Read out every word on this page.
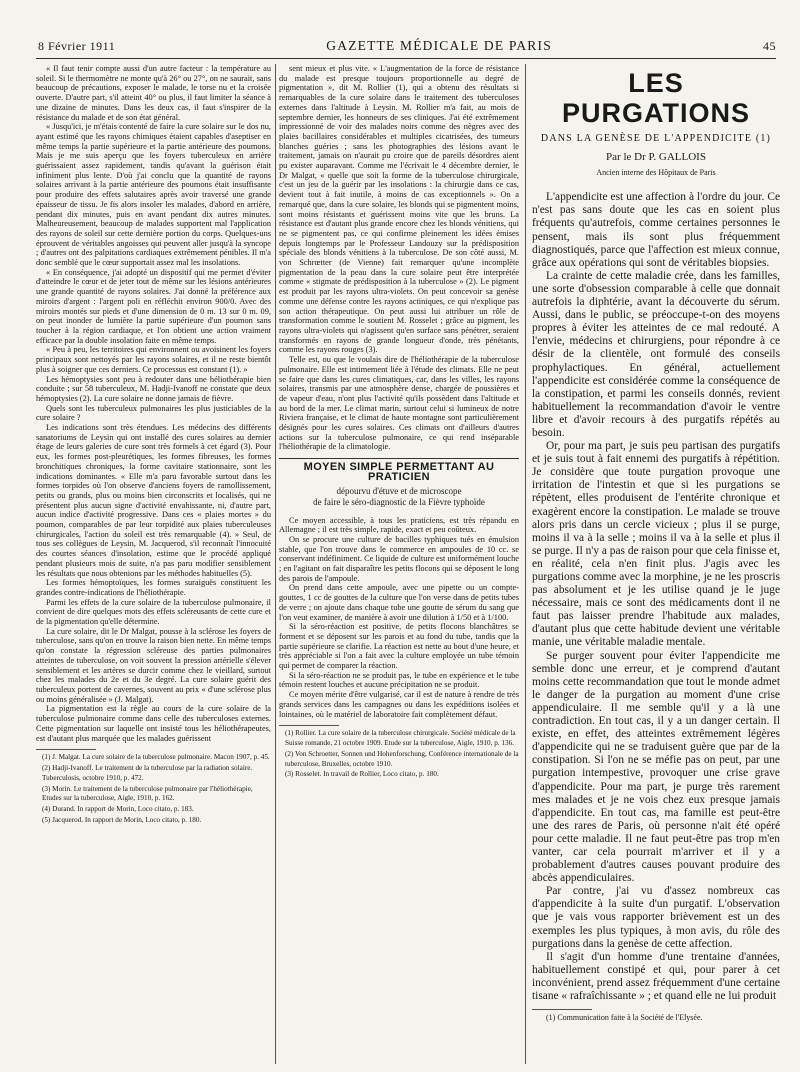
8 Février 1911	GAZETTE MÉDICALE DE PARIS	45

« Il faut tenir compte aussi d'un autre facteur : la température au soleil. Si le thermomètre ne monte qu'à 26° ou 27°, on ne saurait, sans beaucoup de précautions, exposer le malade, le torse nu et la croisée ouverte. D'autre part, s'il atteint 40° ou plus, il faut limiter la séance à une dizaine de minutes. Dans les deux cas, il faut s'inspirer de la résistance du malade et de son état général.

« Jusqu'ici, je m'étais contenté de faire la cure solaire sur le dos nu, ayant estimé que les rayons chimiques étaient capables d'aseptiser en même temps la partie supérieure et la partie antérieure des poumons. Mais je me suis aperçu que les foyers tuberculeux en arrière guérissaient assez rapidement, tandis qu'avant la guérison était infiniment plus lente. D'où j'ai conclu que la quantité de rayons solaires arrivant à la partie antérieure des poumons était insuffisante pour produire des effets salutaires après avoir traversé une grande épaisseur de tissu. Je fis alors insoler les malades, d'abord en arrière, pendant dix minutes, puis en avant pendant dix autres minutes. Malheureusement, beaucoup de malades supportent mal l'application des rayons de soleil sur cette dernière portion du corps. Quelques-uns éprouvent de véritables angoisses qui peuvent aller jusqu'à la syncope ; d'autres ont des palpitations cardiaques extrêmement pénibles. Il m'a donc semblé que le cœur supportait assez mal les insolations.

« En conséquence, j'ai adopté un dispositif qui me permet d'éviter d'atteindre le cœur et de jeter tout de même sur les lésions antérieures une grande quantité de rayons solaires. J'ai donné la préférence aux miroirs d'argent : l'argent poli en réfléchit environ 900/0. Avec des miroirs montés sur pieds et d'une dimension de 0 m. 13 sur 0 m. 09, on peut inonder de lumière la partie supérieure d'un poumon sans toucher à la région cardiaque, et l'on obtient une action vraiment efficace par la double insolation faite en même temps.

« Peu à peu, les territoires qui environnent ou avoisinent les foyers principaux sont nettoyés par les rayons solaires, et il ne reste bientôt plus à soigner que ces derniers. Ce processus est constant (1). »

Les hémoptysies sont peu à redouter dans une héliothérapie bien conduite ; sur 58 tuberculeux, M. Hadji-Ivanoff ne constate que deux hémoptysies (2). La cure solaire ne donne jamais de fièvre.

Quels sont les tuberculeux pulmonaires les plus justiciables de la cure solaire ?

Les indications sont très étendues. Les médecins des différents sanatoriums de Leysin qui ont installé des cures solaires au dernier étage de leurs galeries de cure sont très formels à cet égard (3). Pour eux, les formes post-pleurétiques, les formes fibreuses, les formes bronchitiques chroniques, la forme cavitaire stationnaire, sont les indications dominantes. « Elle m'a paru favorable surtout dans les formes torpides où l'on observe d'anciens foyers de ramollissement, petits ou grands, plus ou moins bien circonscrits et localisés, qui ne présentent plus aucun signe d'activité envahissante, ni, d'autre part, aucun indice d'activité progressive. Dans ces « plaies mortes » du poumon, comparables de par leur torpidité aux plaies tuberculeuses chirurgicales, l'action du soleil est très remarquable (4). » Seul, de tous ses collègues de Leysin, M. Jacquerod, s'il reconnaît l'innocuité des courtes séances d'insolation, estime que le procédé appliqué pendant plusieurs mois de suite, n'a pas paru modifier sensiblement les résultats que nous obtenions par les méthodes habituelles (5).

Les formes hémoptoïques, les formes suraiguës constituent les grandes contre-indications de l'héliothérapie.

Parmi les effets de la cure solaire de la tuberculose pulmonaire, il convient de dire quelques mots des effets scléreusants de cette cure et de la pigmentation qu'elle détermine.

La cure solaire, dit le Dr Malgat, pousse à la sclérose les foyers de tuberculose, sans qu'on en trouve la raison bien nette. En même temps qu'on constate la régression scléreuse des parties pulmonaires atteintes de tuberculose, on voit souvent la pression artérielle s'élever sensiblement et les artères se durcir comme chez le vieillard, surtout chez les malades du 2e et du 3e degré. La cure solaire guérit des tuberculeux portent de cavernes, souvent au prix « d'une sclérose plus ou moins généralisée » (J. Malgat).

La pigmentation est la règle au cours de la cure solaire de la tuberculose pulmonaire comme dans celle des tuberculoses externes. Cette pigmentation sur laquelle ont insisté tous les héliothérapeutes, est d'autant plus marquée que les malades guérissent

(1) J. Malgat. La cure solaire de la tuberculose pulmonaire. Macon 1907, p. 45.

(2) Hadji-Ivanoff. Le traitement de la tuberculose par la radiation solaire. Tuberculosis, octobre 1910, p. 472.

(3) Morin. Le traitement de la tuberculose pulmonaire par l'héliothérapie, Etudes sur la tuberculose, Aigle, 1910, p. 162.

(4) Durand. In rapport de Morin, Loco citato, p. 183.

(5) Jacquerod. In rapport de Morin, Loco citato, p. 180.

sent mieux et plus vite. « L'augmentation de la force de résistance du malade est presque toujours proportionnelle au degré de pigmentation », dit M. Rollier (1), qui a obtenu des résultats si remarquables de la cure solaire dans le traitement des tuberculoses externes dans l'altitude à Leysin. M. Rollier m'a fait, au mois de septembre dernier, les honneurs de ses cliniques. J'ai été extrêmement impressionné de voir des malades noirs comme des nègres avec des plaies bacillaires considérables et multiples cicatrisées, des tumeurs blanches guéries ; sans les photographies des lésions avant le traitement, jamais on n'aurait pu croire que de pareils désordres aient pu exister auparavant. Comme me l'écrivait le 4 décembre dernier, le Dr Malgat, « quelle que soit la forme de la tuberculose chirurgicale, c'est un jeu de la guérir par les insolations : la chirurgie dans ce cas, devient tout à fait inutile, à moins de cas exceptionnels ». On a remarqué que, dans la cure solaire, les blonds qui se pigmentent moins, sont moins résistants et guérissent moins vite que les bruns. La résistance est d'autant plus grande encore chez les blonds vénitiens, qui ne se pigmentent pas, ce qui confirme pleinement les idées émises depuis longtemps par le Professeur Landouzy sur la prédisposition spéciale des blonds vénitiens à la tuberculose. De son côté aussi, M. von Schrœtter (de Vienne) fait remarquer qu'une incomplète pigmentation de la peau dans la cure solaire peut être interprétée comme « stigmate de prédisposition à la tuberculose » (2). Le pigment est produit par les rayons ultra-violets. On peut concevoir sa genèse comme une défense contre les rayons actiniques, ce qui n'explique pas son action thérapeutique. On peut aussi lui attribuer un rôle de transformation comme le soutient M. Rosselet ; grâce au pigment, les rayons ultra-violets qui n'agissent qu'en surface sans pénétrer, seraient transformés en rayons de grande longueur d'onde, très pénétants, comme les rayons rouges (3).

Telle est, ou que le voulais dire de l'héliothérapie de la tuberculose pulmonaire. Elle est intimement liée à l'étude des climats. Elle ne peut se faire que dans les cures climatiques, car, dans les villes, les rayons solaires, transmis par une atmosphère dense, chargée de poussières et de vapeur d'eau, n'ont plus l'activité qu'ils possèdent dans l'altitude et au bord de la mer. Le climat marin, surtout celui si lumineux de notre Riviera française, et le climat de haute montagne sont particulièrement désignés pour les cures solaires. Ces climats ont d'ailleurs d'autres actions sur la tuberculose pulmonaire, ce qui rend inséparable l'héliothérapie de la climatologie.

MOYEN SIMPLE PERMETTANT AU PRATICIEN
dépourvu d'étuve et de microscope
de faire le séro-diagnostic de la Fièvre typhoïde

Ce moyen accessible, à tous les praticiens, est très répandu en Allemagne ; il est très simple, rapide, exact et peu coûteux.

On se procure une culture de bacilles typhiques tués en émulsion stable, que l'on trouve dans le commerce en ampoules de 10 cc. se conservant indéfiniment. Ce liquide de culture est uniformément louche ; en l'agitant on fait disparaître les petits flocons qui se déposent le long des parois de l'ampoule.

On prend dans cette ampoule, avec une pipette ou un compte-gouttes, 1 cc de gouttes de la culture que l'on verse dans de petits tubes de verre ; on ajoute dans chaque tube une goutte de sérum du sang que l'on veut examiner, de manière à avoir une dilution à 1/50 et à 1/100.

Si la séro-réaction est positive, de petits flocons blanchâtres se forment et se déposent sur les parois et au fond du tube, tandis que la partie supérieure se clarifie. La réaction est nette au bout d'une heure, et très appréciable si l'on a fait avec la culture employée un tube témoin qui permet de comparer la réaction.

Si la séro-réaction ne se produit pas, le tube en expérience et le tube témoin restent louches et aucune précipitation ne se produit.

Ce moyen mérite d'être vulgarisé, car il est de nature à rendre de très grands services dans les campagnes ou dans les expéditions isolées et lointaines, où le matériel de laboratoire fait complètement défaut.

(1) Rollier. La cure solaire de la tuberculose chirurgicale. Société médicale de la Suisse romande, 21 octobre 1909. Etude sur la tuberculose, Aigle, 1910, p. 136.

(2) Von Schroetter, Sonnen und Hohenforschung, Conférence internationale de la tuberculose, Bruxelles, octobre 1910.

(3) Rosselet. In travail de Rollier, Loco citato, p. 180.

LES PURGATIONS
DANS LA GENÈSE DE L'APPENDICITE (1)
Par le Dr P. GALLOIS
Ancien interne des Hôpitaux de Paris

L'appendicite est une affection à l'ordre du jour. Ce n'est pas sans doute que les cas en soient plus fréquents qu'autrefois, comme certaines personnes le pensent, mais ils sont plus fréquemment diagnostiqués, parce que l'affection est mieux connue, grâce aux opérations qui sont de véritables biopsies.

La crainte de cette maladie crée, dans les familles, une sorte d'obsession comparable à celle que donnait autrefois la diphtérie, avant la découverte du sérum. Aussi, dans le public, se préoccupe-t-on des moyens propres à éviter les atteintes de ce mal redouté. A l'envie, médecins et chirurgiens, pour répondre à ce désir de la clientèle, ont formulé des conseils prophylactiques. En général, actuellement l'appendicite est considérée comme la conséquence de la constipation, et parmi les conseils donnés, revient habituellement la recommandation d'avoir le ventre libre et d'avoir recours à des purgatifs répétés au besoin.

Or, pour ma part, je suis peu partisan des purgatifs et je suis tout à fait ennemi des purgatifs à répétition. Je considère que toute purgation provoque une irritation de l'intestin et que si les purgations se répètent, elles produisent de l'entérite chronique et exagèrent encore la constipation. Le malade se trouve alors pris dans un cercle vicieux ; plus il se purge, moins il va à la selle ; moins il va à la selle et plus il se purge. Il n'y a pas de raison pour que cela finisse et, en réalité, cela n'en finit plus. J'agis avec les purgations comme avec la morphine, je ne les proscris pas absolument et je les utilise quand je le juge nécessaire, mais ce sont des médicaments dont il ne faut pas laisser prendre l'habitude aux malades, d'autant plus que cette habitude devient une véritable manie, une véritable maladie mentale.

Se purger souvent pour éviter l'appendicite me semble donc une erreur, et je comprend d'autant moins cette recommandation que tout le monde admet le danger de la purgation au moment d'une crise appendiculaire. Il me semble qu'il y a là une contradiction. En tout cas, il y a un danger certain. Il existe, en effet, des atteintes extrêmement légères d'appendicite qui ne se traduisent guère que par de la constipation. Si l'on ne se méfie pas on peut, par une purgation intempestive, provoquer une crise grave d'appendicite. Pour ma part, je purge très rarement mes malades et je ne vois chez eux presque jamais d'appendicite. En tout cas, ma famille est peut-être une des rares de Paris, où personne n'ait été opéré pour cette maladie. Il ne faut peut-être pas trop m'en vanter, car cela pourrait m'arriver et il y a probablement d'autres causes pouvant produire des abcès appendiculaires.

Par contre, j'ai vu d'assez nombreux cas d'appendicite à la suite d'un purgatif. L'observation que je vais vous rapporter brièvement est un des exemples les plus typiques, à mon avis, du rôle des purgations dans la genèse de cette affection.

Il s'agit d'un homme d'une trentaine d'années, habituellement constipé et qui, pour parer à cet inconvénient, prend assez fréquemment d'une certaine tisane « rafraîchissante » ; et quand elle ne lui produit

(1) Communication faite à la Société de l'Elysée.
